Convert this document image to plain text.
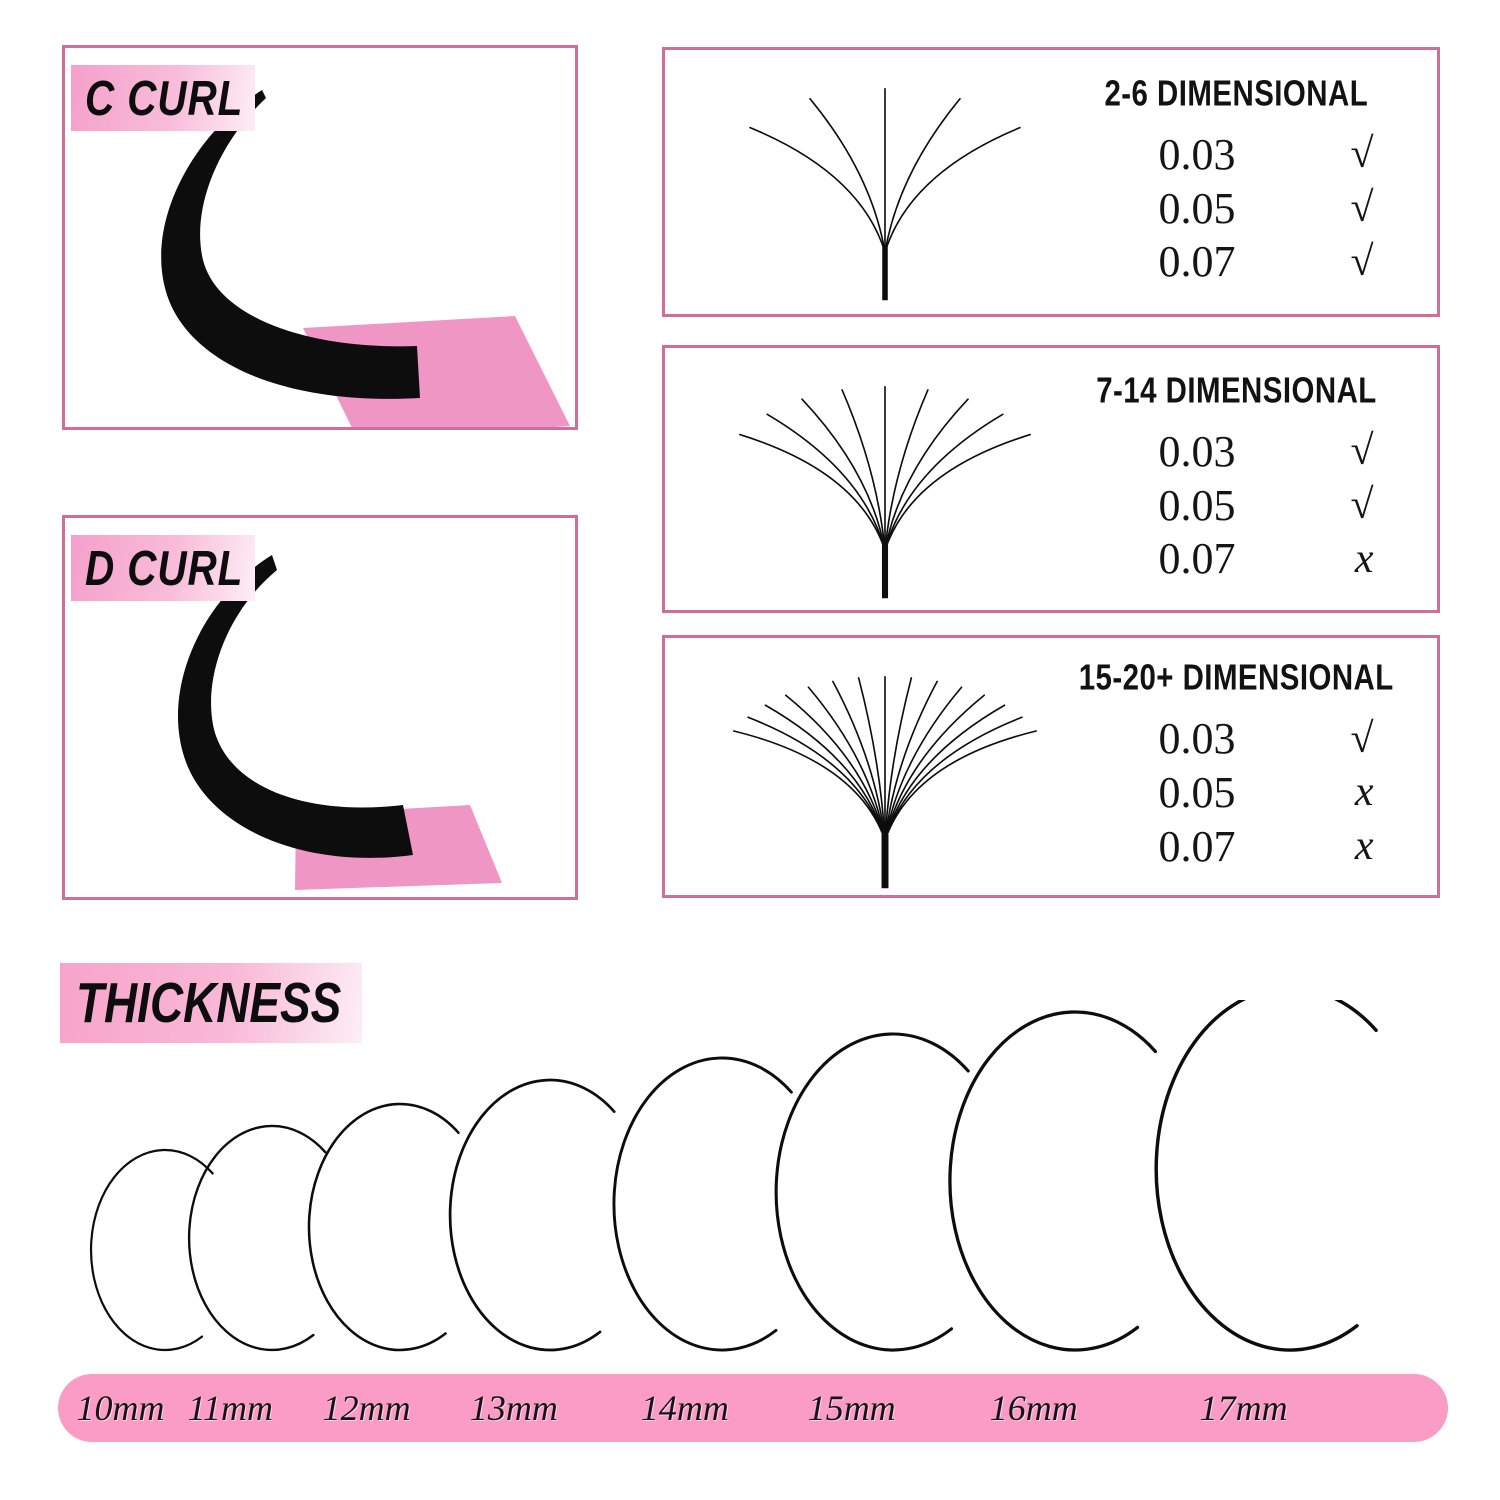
C CURL
D CURL
2-6 DIMENSIONAL
0.03	√
0.05	√
0.07	√
7-14 DIMENSIONAL
0.03	√
0.05	√
0.07	x
15-20+ DIMENSIONAL
0.03	√
0.05	x
0.07	x
THICKNESS
10mm 11mm 12mm 13mm 14mm 15mm	16mm	17mm
